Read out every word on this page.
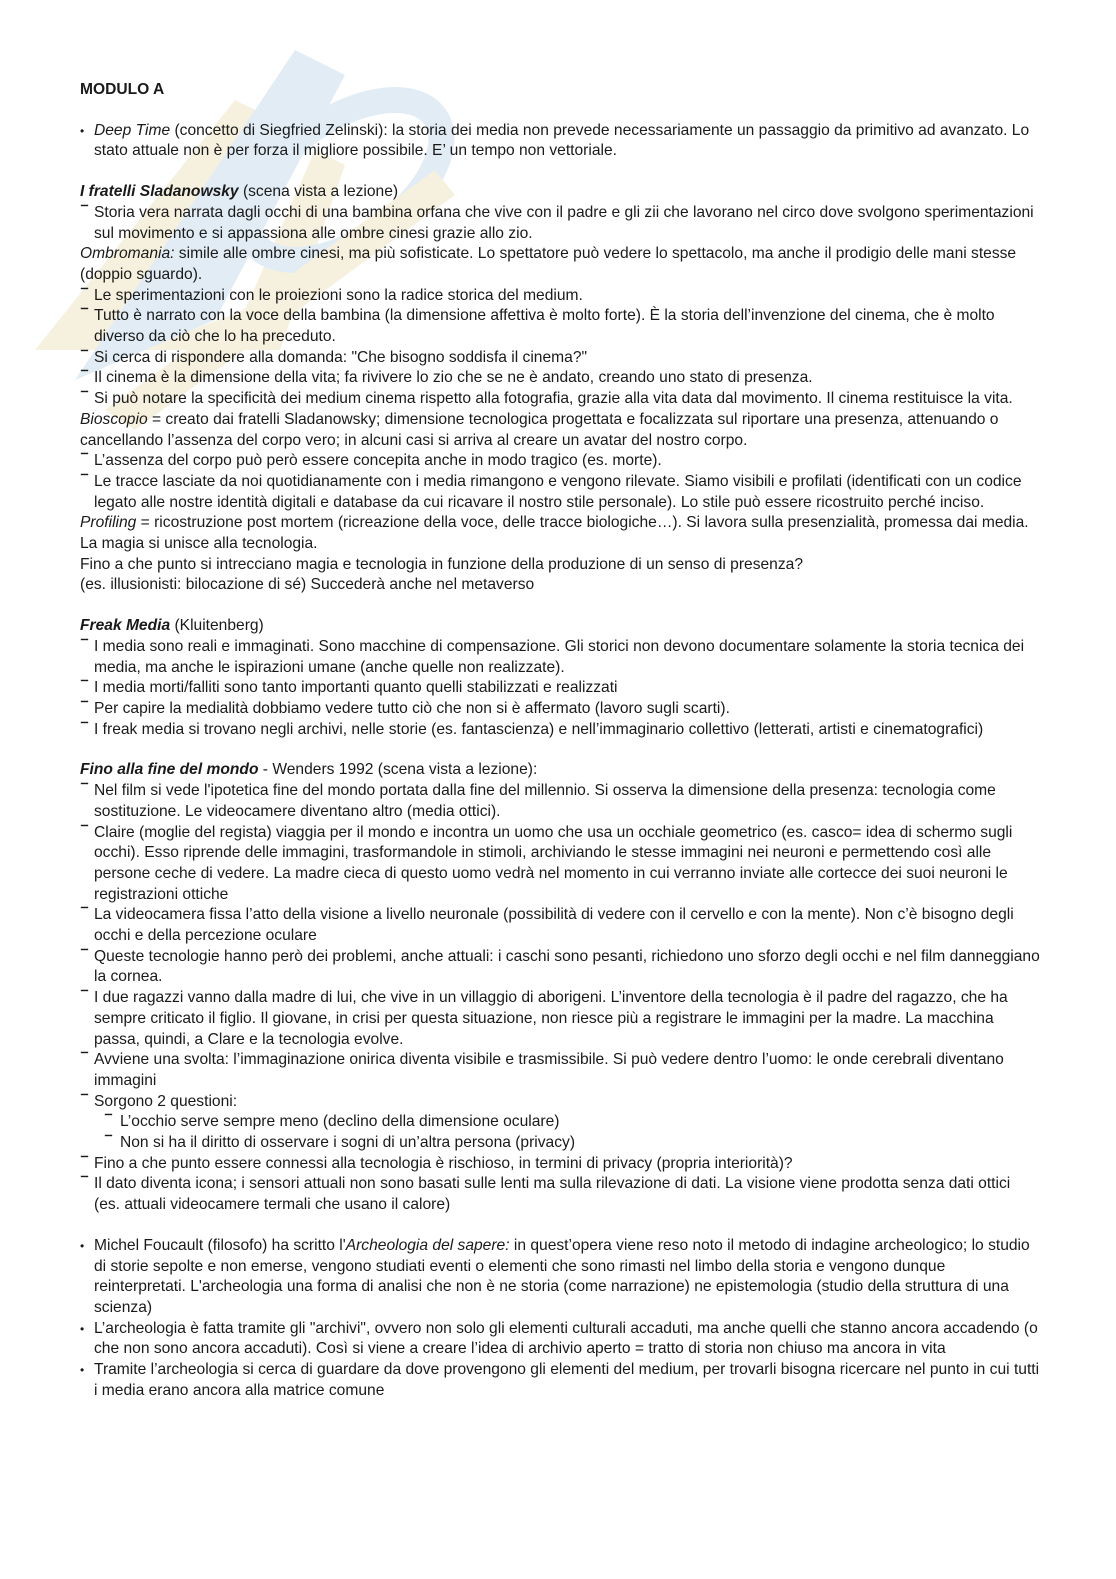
MODULO A

• Deep Time (concetto di Siegfried Zelinski): la storia dei media non prevede necessariamente un passaggio da primitivo ad avanzato. Lo stato attuale non è per forza il migliore possibile. E’ un tempo non vettoriale.

I fratelli Sladanowsky (scena vista a lezione)

⁻ Storia vera narrata dagli occhi di una bambina orfana che vive con il padre e gli zii che lavorano nel circo dove svolgono sperimentazioni sul movimento e si appassiona alle ombre cinesi grazie allo zio.

Ombromania: simile alle ombre cinesi, ma più sofisticate. Lo spettatore può vedere lo spettacolo, ma anche il prodigio delle mani stesse (doppio sguardo).

⁻ Le sperimentazioni con le proiezioni sono la radice storica del medium.

⁻ Tutto è narrato con la voce della bambina (la dimensione affettiva è molto forte). È la storia dell’invenzione del cinema, che è molto diverso da ciò che lo ha preceduto.

⁻ Si cerca di rispondere alla domanda: "Che bisogno soddisfa il cinema?"

⁻ Il cinema è la dimensione della vita; fa rivivere lo zio che se ne è andato, creando uno stato di presenza.

⁻ Si può notare la specificità dei medium cinema rispetto alla fotografia, grazie alla vita data dal movimento. Il cinema restituisce la vita.

Bioscopio = creato dai fratelli Sladanowsky; dimensione tecnologica progettata e focalizzata sul riportare una presenza, attenuando o cancellando l’assenza del corpo vero; in alcuni casi si arriva al creare un avatar del nostro corpo.

⁻ L’assenza del corpo può però essere concepita anche in modo tragico (es. morte).

⁻ Le tracce lasciate da noi quotidianamente con i media rimangono e vengono rilevate. Siamo visibili e profilati (identificati con un codice legato alle nostre identità digitali e database da cui ricavare il nostro stile personale). Lo stile può essere ricostruito perché inciso.

Profiling = ricostruzione post mortem (ricreazione della voce, delle tracce biologiche…). Si lavora sulla presenzialità, promessa dai media. La magia si unisce alla tecnologia.

Fino a che punto si intrecciano magia e tecnologia in funzione della produzione di un senso di presenza?

(es. illusionisti: bilocazione di sé) Succederà anche nel metaverso

Freak Media (Kluitenberg)

⁻ I media sono reali e immaginati. Sono macchine di compensazione. Gli storici non devono documentare solamente la storia tecnica dei media, ma anche le ispirazioni umane (anche quelle non realizzate).

⁻ I media morti/falliti sono tanto importanti quanto quelli stabilizzati e realizzati

⁻ Per capire la medialità dobbiamo vedere tutto ciò che non si è affermato (lavoro sugli scarti).

⁻ I freak media si trovano negli archivi, nelle storie (es. fantascienza) e nell’immaginario collettivo (letterati, artisti e cinematografici)

Fino alla fine del mondo - Wenders 1992 (scena vista a lezione):

⁻ Nel film si vede l'ipotetica fine del mondo portata dalla fine del millennio. Si osserva la dimensione della presenza: tecnologia come sostituzione. Le videocamere diventano altro (media ottici).

⁻ Claire (moglie del regista) viaggia per il mondo e incontra un uomo che usa un occhiale geometrico (es. casco= idea di schermo sugli occhi). Esso riprende delle immagini, trasformandole in stimoli, archiviando le stesse immagini nei neuroni e permettendo così alle persone ceche di vedere. La madre cieca di questo uomo vedrà nel momento in cui verranno inviate alle cortecce dei suoi neuroni le registrazioni ottiche

⁻ La videocamera fissa l’atto della visione a livello neuronale (possibilità di vedere con il cervello e con la mente). Non c’è bisogno degli occhi e della percezione oculare

⁻ Queste tecnologie hanno però dei problemi, anche attuali: i caschi sono pesanti, richiedono uno sforzo degli occhi e nel film danneggiano la cornea.

⁻ I due ragazzi vanno dalla madre di lui, che vive in un villaggio di aborigeni. L’inventore della tecnologia è il padre del ragazzo, che ha sempre criticato il figlio. Il giovane, in crisi per questa situazione, non riesce più a registrare le immagini per la madre. La macchina passa, quindi, a Clare e la tecnologia evolve.

⁻ Avviene una svolta: l’immaginazione onirica diventa visibile e trasmissibile. Si può vedere dentro l’uomo: le onde cerebrali diventano immagini

⁻ Sorgono 2 questioni:

⁻ L’occhio serve sempre meno (declino della dimensione oculare)

⁻ Non si ha il diritto di osservare i sogni di un’altra persona (privacy)

⁻ Fino a che punto essere connessi alla tecnologia è rischioso, in termini di privacy (propria interiorità)?

⁻ Il dato diventa icona; i sensori attuali non sono basati sulle lenti ma sulla rilevazione di dati. La visione viene prodotta senza dati ottici (es. attuali videocamere termali che usano il calore)

• Michel Foucault (filosofo) ha scritto l'Archeologia del sapere: in quest’opera viene reso noto il metodo di indagine archeologico; lo studio di storie sepolte e non emerse, vengono studiati eventi o elementi che sono rimasti nel limbo della storia e vengono dunque reinterpretati. L'archeologia una forma di analisi che non è ne storia (come narrazione) ne epistemologia (studio della struttura di una scienza)

• L’archeologia è fatta tramite gli "archivi", ovvero non solo gli elementi culturali accaduti, ma anche quelli che stanno ancora accadendo (o che non sono ancora accaduti). Così si viene a creare l’idea di archivio aperto = tratto di storia non chiuso ma ancora in vita

• Tramite l’archeologia si cerca di guardare da dove provengono gli elementi del medium, per trovarli bisogna ricercare nel punto in cui tutti i media erano ancora alla matrice comune
